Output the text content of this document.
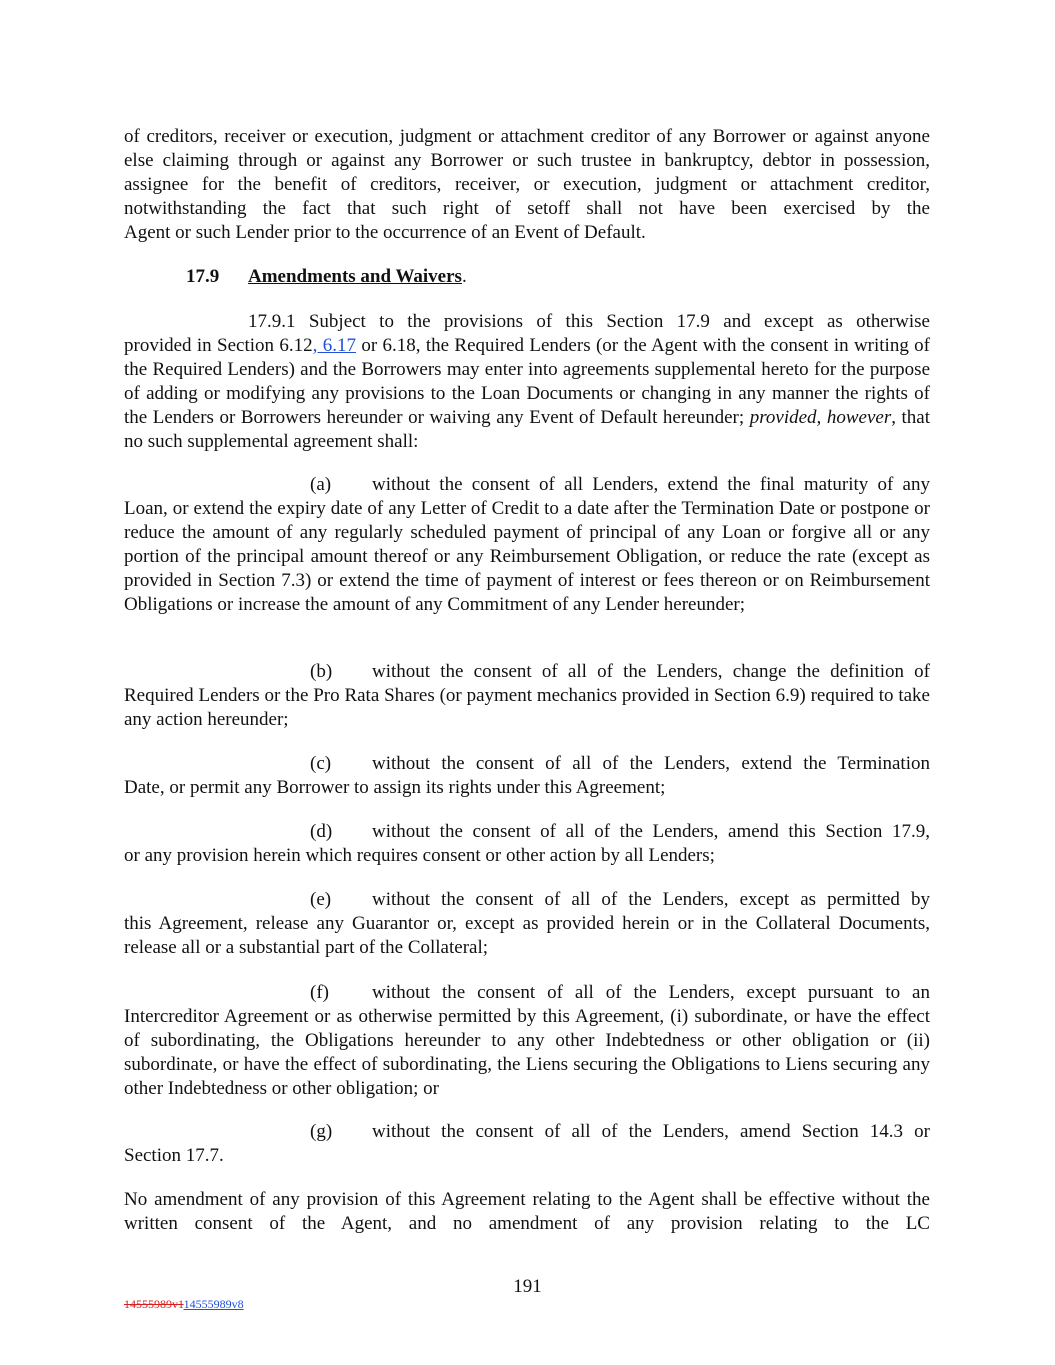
of creditors, receiver or execution, judgment or attachment creditor of any Borrower or against anyone else claiming through or against any Borrower or such trustee in bankruptcy, debtor in possession, assignee for the benefit of creditors, receiver, or execution, judgment or attachment creditor, notwithstanding the fact that such right of setoff shall not have been exercised by the
Agent or such Lender prior to the occurrence of an Event of Default.

17.9 Amendments and Waivers.

17.9.1 Subject to the provisions of this Section 17.9 and except as otherwise
provided in Section 6.12, 6.17 or 6.18, the Required Lenders (or the Agent with the consent in writing of the Required Lenders) and the Borrowers may enter into agreements supplemental hereto for the purpose of adding or modifying any provisions to the Loan Documents or changing in any manner the rights of the Lenders or Borrowers hereunder or waiving any Event of Default hereunder; provided, however, that no such supplemental agreement shall:
(a) without the consent of all Lenders, extend the final maturity of any
Loan, or extend the expiry date of any Letter of Credit to a date after the Termination Date or postpone or reduce the amount of any regularly scheduled payment of principal of any Loan or forgive all or any portion of the principal amount thereof or any Reimbursement Obligation, or reduce the rate (except as provided in Section 7.3) or extend the time of payment of interest or fees thereon or on Reimbursement Obligations or increase the amount of any Commitment of any Lender hereunder;
(b) without the consent of all of the Lenders, change the definition of
Required Lenders or the Pro Rata Shares (or payment mechanics provided in Section 6.9) required to take any action hereunder;
(c) without the consent of all of the Lenders, extend the Termination
Date, or permit any Borrower to assign its rights under this Agreement;
(d) without the consent of all of the Lenders, amend this Section 17.9,
or any provision herein which requires consent or other action by all Lenders;
(e) without the consent of all of the Lenders, except as permitted by
this Agreement, release any Guarantor or, except as provided herein or in the Collateral Documents, release all or a substantial part of the Collateral;
(f) without the consent of all of the Lenders, except pursuant to an
Intercreditor Agreement or as otherwise permitted by this Agreement, (i) subordinate, or have the effect of subordinating, the Obligations hereunder to any other Indebtedness or other obligation or (ii) subordinate, or have the effect of subordinating, the Liens securing the Obligations to Liens securing any other Indebtedness or other obligation; or
(g) without the consent of all of the Lenders, amend Section 14.3 or
Section 17.7.

No amendment of any provision of this Agreement relating to the Agent shall be effective without the written consent of the Agent, and no amendment of any provision relating to the LC

191
14555989v114555989v8
